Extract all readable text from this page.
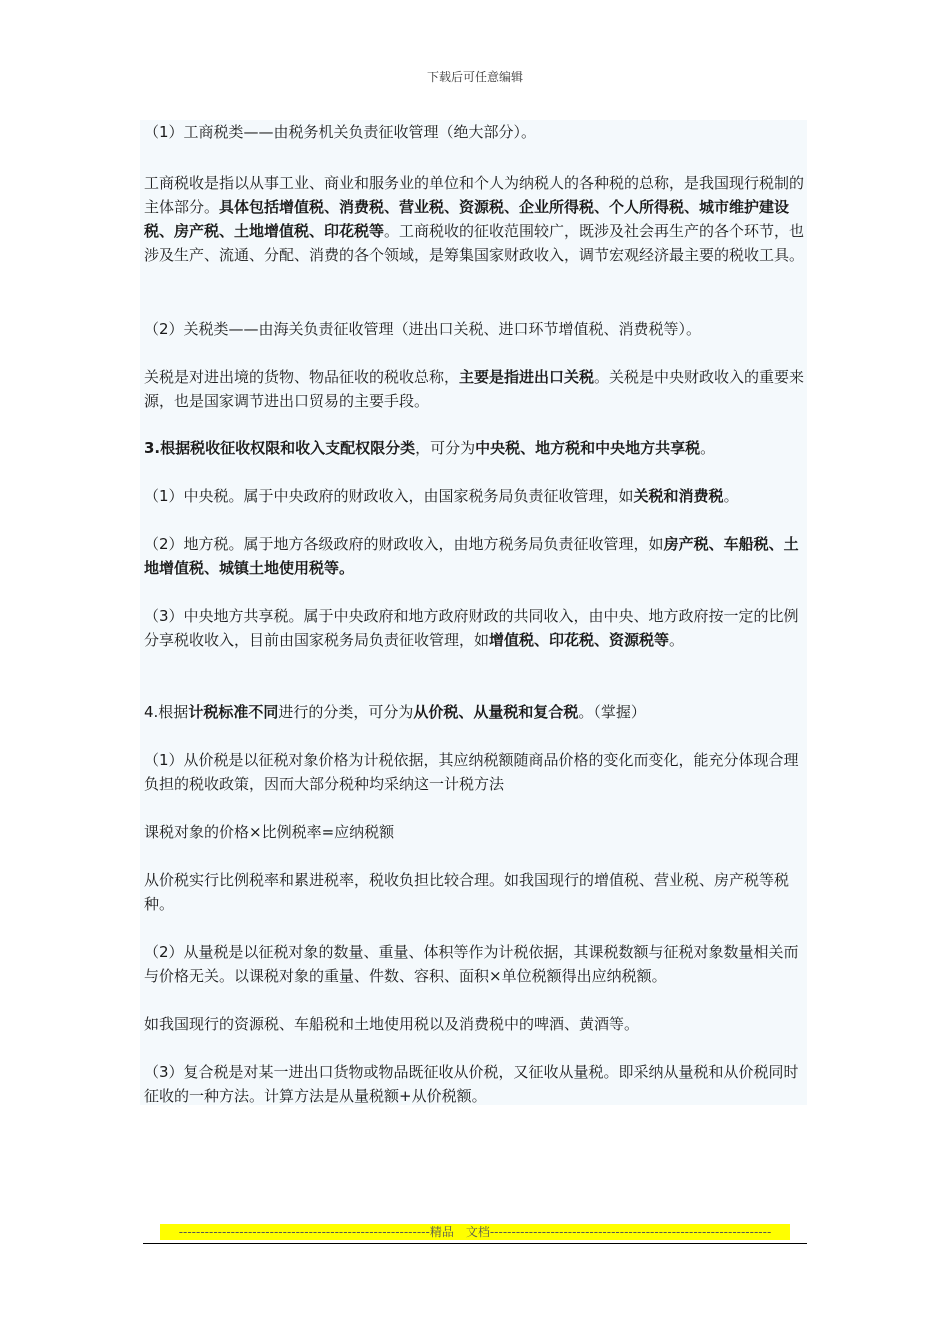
下载后可任意编辑

（1）工商税类——由税务机关负责征收管理（绝大部分）。

工商税收是指以从事工业、商业和服务业的单位和个人为纳税人的各种税的总称，是我国现行税制的主体部分。具体包括增值税、消费税、营业税、资源税、企业所得税、个人所得税、城市维护建设税、房产税、土地增值税、印花税等。工商税收的征收范围较广，既涉及社会再生产的各个环节，也涉及生产、流通、分配、消费的各个领域，是筹集国家财政收入，调节宏观经济最主要的税收工具。

（2）关税类——由海关负责征收管理（进出口关税、进口环节增值税、消费税等）。

关税是对进出境的货物、物品征收的税收总称，主要是指进出口关税。关税是中央财政收入的重要来源，也是国家调节进出口贸易的主要手段。

3.根据税收征收权限和收入支配权限分类，可分为中央税、地方税和中央地方共享税。

（1）中央税。属于中央政府的财政收入，由国家税务局负责征收管理，如关税和消费税。

（2）地方税。属于地方各级政府的财政收入，由地方税务局负责征收管理，如房产税、车船税、土地增值税、城镇土地使用税等。

（3）中央地方共享税。属于中央政府和地方政府财政的共同收入，由中央、地方政府按一定的比例分享税收收入，目前由国家税务局负责征收管理，如增值税、印花税、资源税等。

4.根据计税标准不同进行的分类，可分为从价税、从量税和复合税。（掌握）

（1）从价税是以征税对象价格为计税依据，其应纳税额随商品价格的变化而变化，能充分体现合理负担的税收政策，因而大部分税种均采纳这一计税方法

课税对象的价格×比例税率=应纳税额

从价税实行比例税率和累进税率，税收负担比较合理。如我国现行的增值税、营业税、房产税等税种。

（2）从量税是以征税对象的数量、重量、体积等作为计税依据，其课税数额与征税对象数量相关而与价格无关。以课税对象的重量、件数、容积、面积×单位税额得出应纳税额。

如我国现行的资源税、车船税和土地使用税以及消费税中的啤酒、黄酒等。

（3）复合税是对某一进出口货物或物品既征收从价税，又征收从量税。即采纳从量税和从价税同时征收的一种方法。计算方法是从量税额+从价税额。

----------------------------------------------------------精品　文档-----------------------------------------------------------------
